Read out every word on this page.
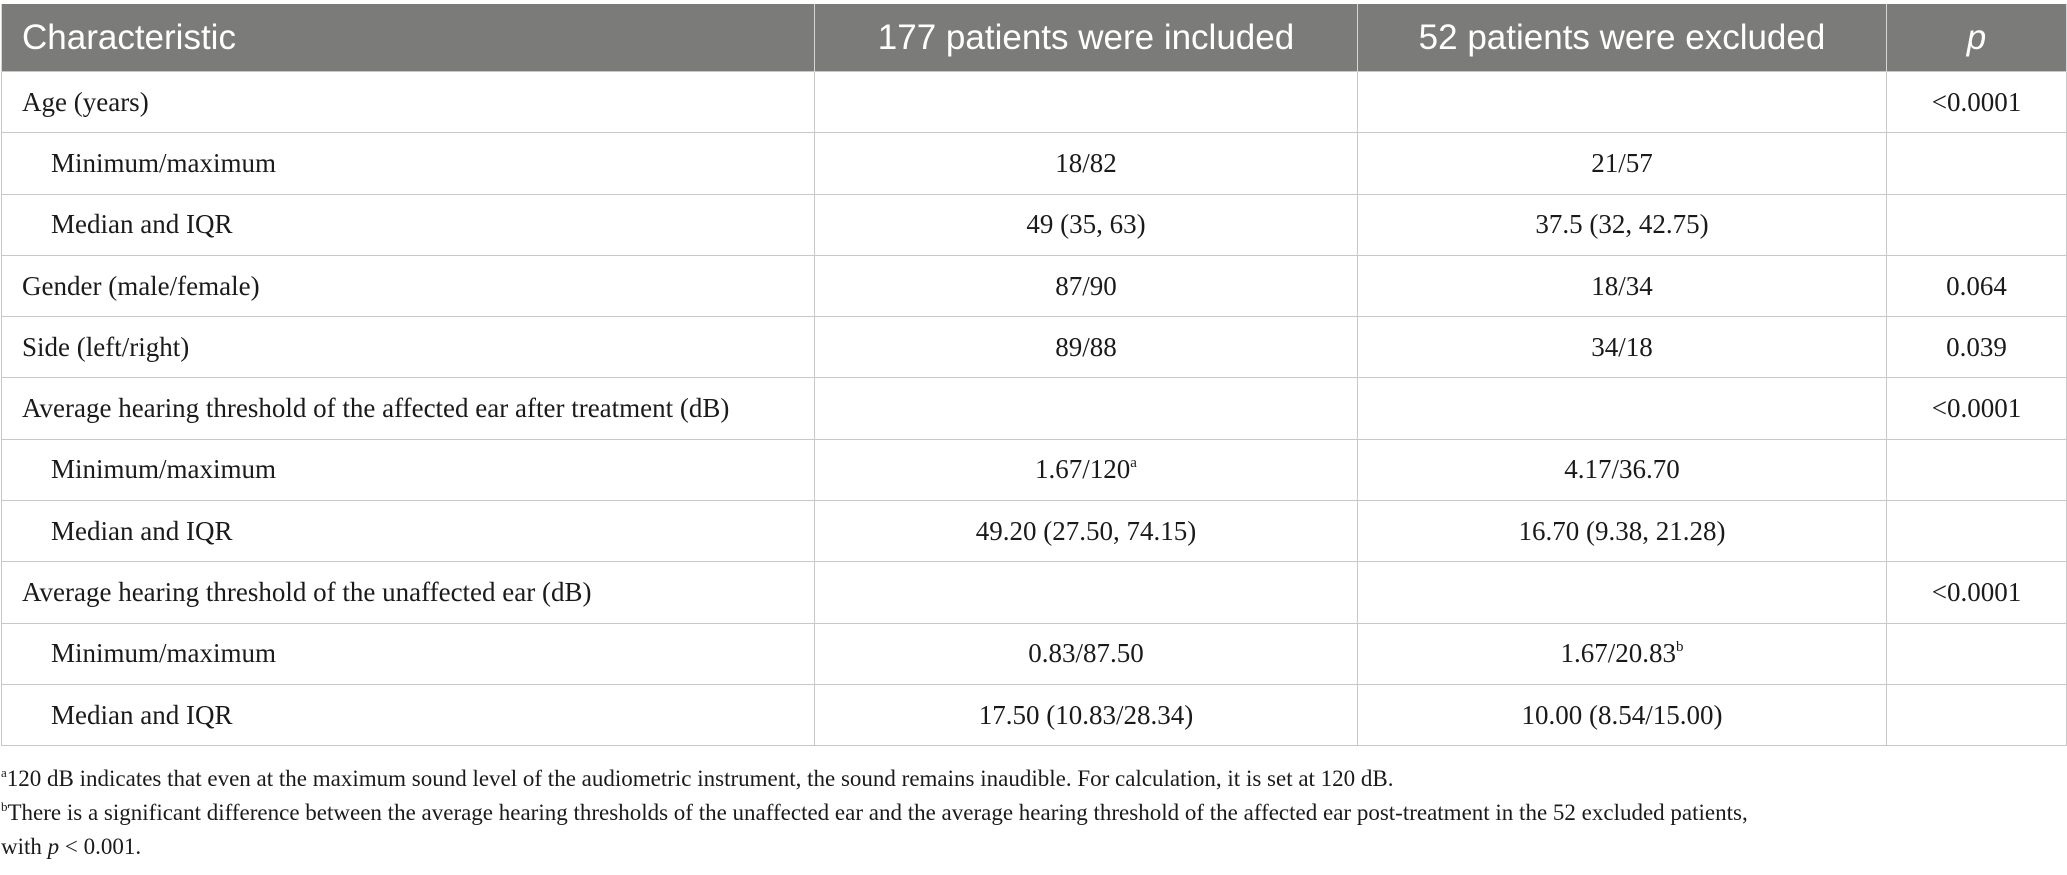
Characteristic	177 patients were included	52 patients were excluded	p
Age (years)			<0.0001
Minimum/maximum	18/82	21/57	
Median and IQR	49 (35, 63)	37.5 (32, 42.75)	
Gender (male/female)	87/90	18/34	0.064
Side (left/right)	89/88	34/18	0.039
Average hearing threshold of the affected ear after treatment (dB)			<0.0001
Minimum/maximum	1.67/120$^a$	4.17/36.70	
Median and IQR	49.20 (27.50, 74.15)	16.70 (9.38, 21.28)	
Average hearing threshold of the unaffected ear (dB)			<0.0001
Minimum/maximum	0.83/87.50	1.67/20.83$^b$	
Median and IQR	17.50 (10.83/28.34)	10.00 (8.54/15.00)	

$^a$120 dB indicates that even at the maximum sound level of the audiometric instrument, the sound remains inaudible. For calculation, it is set at 120 dB.

$^b$There is a significant difference between the average hearing thresholds of the unaffected ear and the average hearing threshold of the affected ear post-treatment in the 52 excluded patients,

with p < 0.001.
